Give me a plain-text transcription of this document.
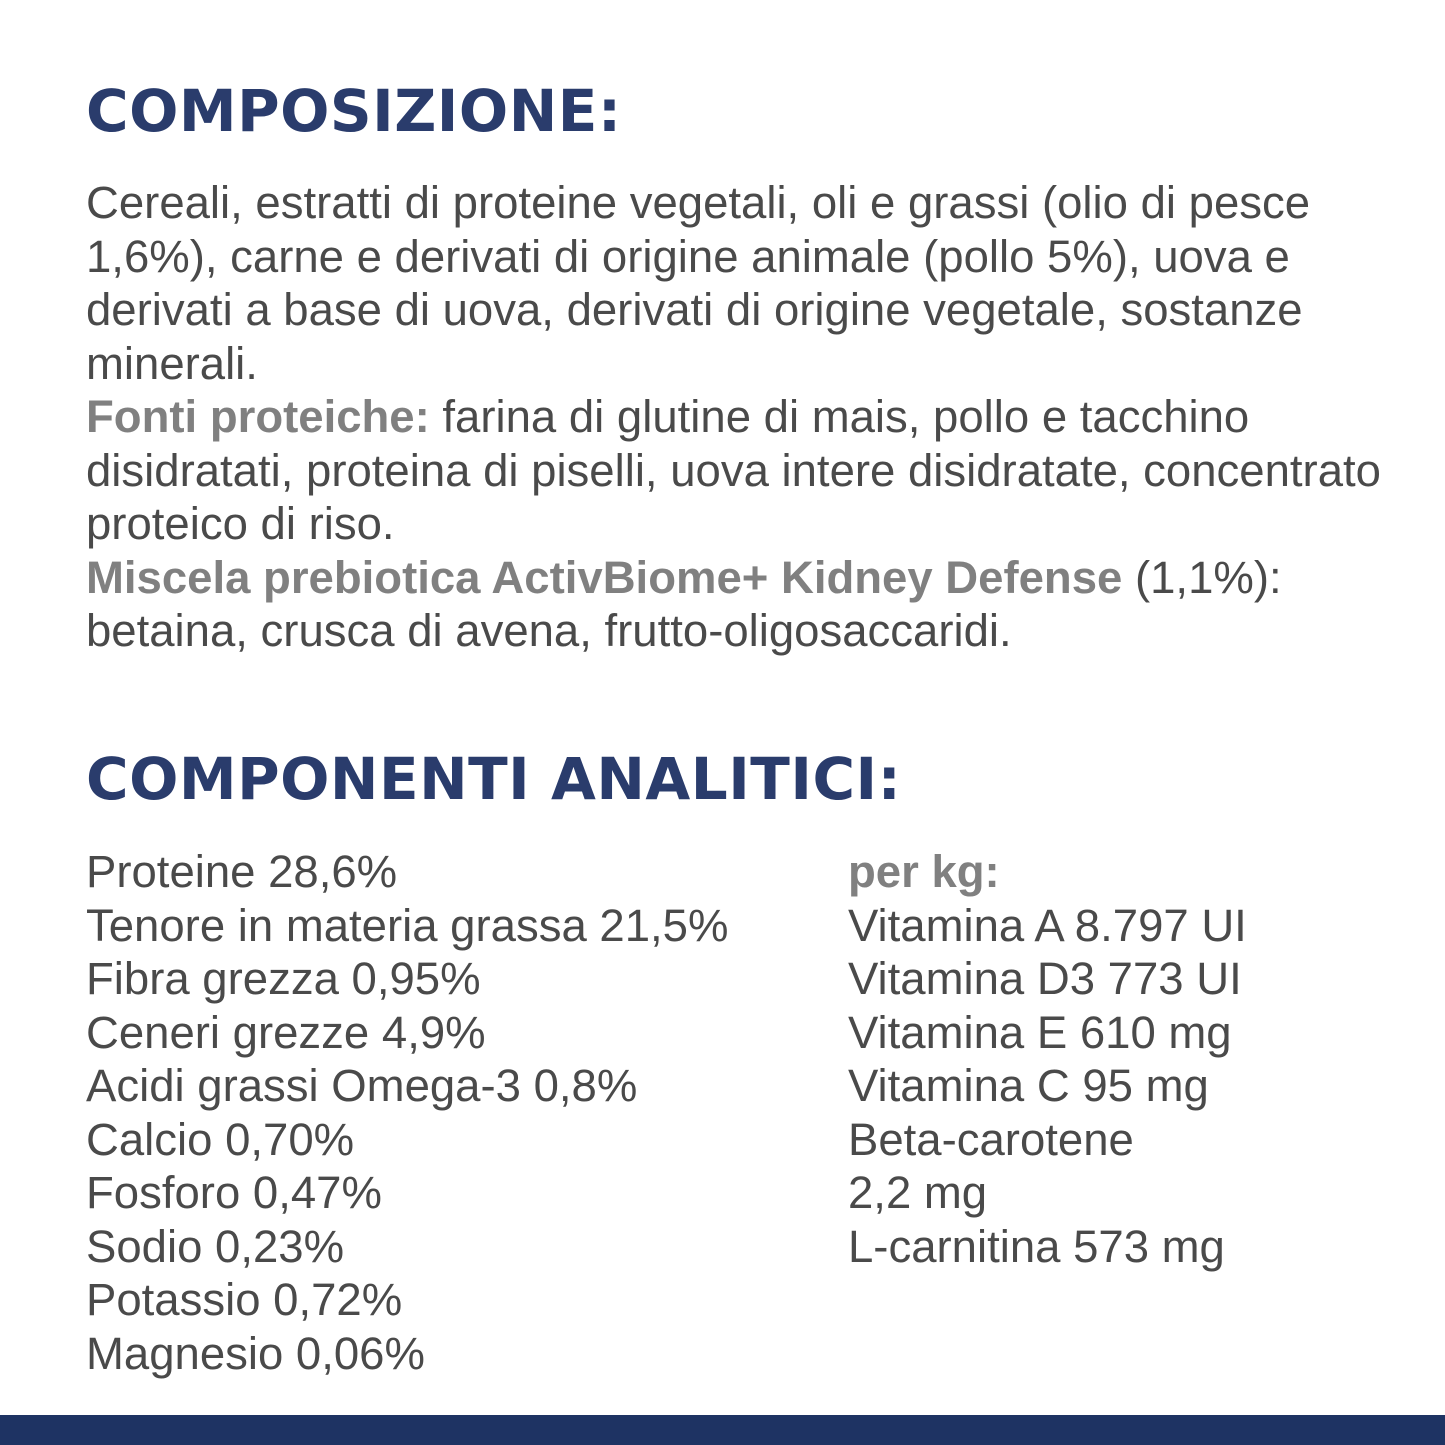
COMPOSIZIONE:

Cereali, estratti di proteine vegetali, oli e grassi (olio di pesce 1,6%), carne e derivati di origine animale (pollo 5%), uova e derivati a base di uova, derivati di origine vegetale, sostanze minerali.

Fonti proteiche: farina di glutine di mais, pollo e tacchino disidratati, proteina di piselli, uova intere disidratate, concentrato proteico di riso.

Miscela prebiotica ActivBiome+ Kidney Defense (1,1%): betaina, crusca di avena, frutto-oligosaccaridi.

COMPONENTI ANALITICI:
Proteine 28,6%
Tenore in materia grassa 21,5%
Fibra grezza 0,95%
Ceneri grezze 4,9%
Acidi grassi Omega-3 0,8%
Calcio 0,70%
Fosforo 0,47%
Sodio 0,23%
Potassio 0,72%
Magnesio 0,06%
per kg:
Vitamina A 8.797 UI
Vitamina D3 773 UI
Vitamina E 610 mg
Vitamina C 95 mg
Beta-carotene
2,2 mg
L-carnitina 573 mg
